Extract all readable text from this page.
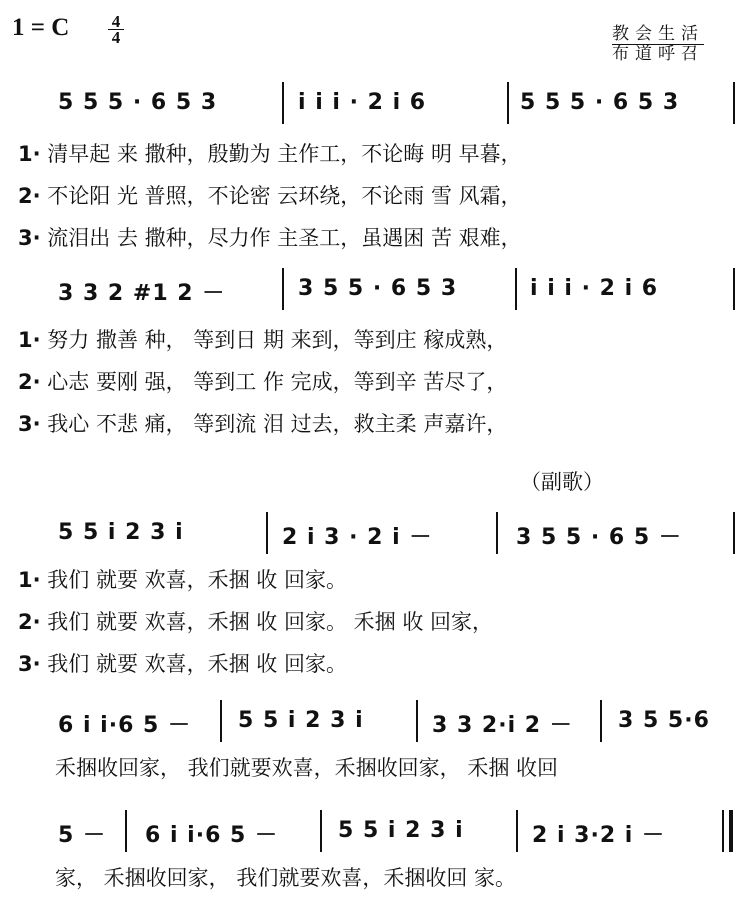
1 = C	4
4	教会生活
布道呼召
5 5 5 · 6 5 3	i i i · 2 i 6	5 5 5 · 6 5 3
1· 清早起 来 撒种，殷勤为 主作工，不论晦 明 早暮，
2· 不论阳 光 普照，不论密 云环绕，不论雨 雪 风霜，
3· 流泪出 去 撒种，尽力作 主圣工，虽遇困 苦 艰难，
3 3 2 #1 2 －	3 5 5 · 6 5 3	i i i · 2 i 6
1· 努力 撒善 种， 等到日 期 来到，等到庄 稼成熟，
2· 心志 要刚 强， 等到工 作 完成，等到辛 苦尽了，
3· 我心 不悲 痛， 等到流 泪 过去，救主柔 声嘉许，
（副歌）
5 5 i 2 3 i	2 i 3 · 2 i －	3 5 5 · 6 5 －
1· 我们 就要 欢喜，禾捆 收 回家。
2· 我们 就要 欢喜，禾捆 收 回家。 禾捆 收 回家，
3· 我们 就要 欢喜，禾捆 收 回家。
6 i i·6 5 － 5 5 i 2 3 i	3 3 2·i 2 － 3 5 5·6
禾捆收回家， 我们就要欢喜，禾捆收回家， 禾捆 收回
5 － 6 i i·6 5 －	5 5 i 2 3 i	2 i 3·2 i －
家， 禾捆收回家， 我们就要欢喜，禾捆收回 家。
